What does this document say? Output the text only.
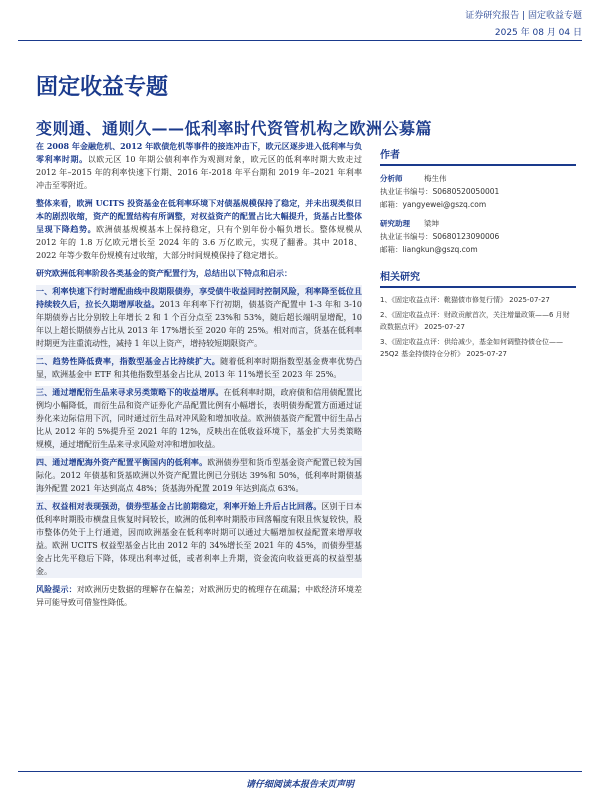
证券研究报告 | 固定收益专题
2025 年 08 月 04 日
固定收益专题
变则通、通则久——低利率时代资管机构之欧洲公募篇

在 2008 年金融危机、2012 年欧债危机等事件的接连冲击下，欧元区逐步进入低利率与负零利率时期。以欧元区 10 年期公债利率作为观测对象，欧元区的低利率时期大致走过 2012 年–2015 年的利率快速下行期、2016 年-2018 年平台期和 2019 年–2021 年利率冲击至零附近。

整体来看，欧洲 UCITS 投资基金在低利率环境下对债基规模保持了稳定，并未出现类似日本的剧烈收缩，资产的配置结构有所调整，对权益资产的配置占比大幅提升，货基占比整体呈现下降趋势。欧洲债基规模基本上保持稳定，只有个别年份小幅负增长。整体规模从 2012 年的 1.8 万亿欧元增长至 2024 年的 3.6 万亿欧元，实现了翻番。其中 2018、2022 年等少数年份规模有过收缩，大部分时间规模保持了稳定增长。

研究欧洲低利率阶段各类基金的资产配置行为，总结出以下特点和启示：

一、利率快速下行时增配曲线中段期限债券，享受债牛收益同时控制风险，利率降至低位且持续较久后，拉长久期增厚收益。2013 年利率下行初期，债基资产配置中 1-3 年和 3-10 年期债券占比分别较上年增长 2 和 1 个百分点至 23%和 53%，随后超长端明显增配，10 年以上超长期债券占比从 2013 年 17%增长至 2020 年的 25%。相对而言，货基在低利率时期更为注重流动性，减持 1 年以上资产，增持较短期限资产。

二、趋势性降低费率，指数型基金占比持续扩大。随着低利率时期指数型基金费率优势凸显，欧洲基金中 ETF 和其他指数型基金占比从 2013 年 11%增长至 2023 年 25%。

三、通过增配衍生品来寻求另类策略下的收益增厚。在低利率时期，政府债和信用债配置比例均小幅降低，而衍生品和资产证券化产品配置比例有小幅增长，表明债券配置方面通过证券化来边际信用下沉，同时通过衍生品对冲风险和增加收益。欧洲债基资产配置中衍生品占比从 2012 年的 5%提升至 2021 年的 12%，反映出在低收益环境下，基金扩大另类策略规模，通过增配衍生品来寻求风险对冲和增加收益。

四、通过增配海外资产配置平衡国内的低利率。欧洲债券型和货币型基金资产配置已较为国际化。2012 年债基和货基欧洲以外资产配置比例已分别达 39%和 50%，低利率时期债基海外配置 2021 年达到高点 48%；货基海外配置 2019 年达到高点 63%。

五、权益相对表现强劲，债券型基金占比前期稳定，利率开始上升后占比回落。区别于日本低利率时期股市横盘且恢复时间较长，欧洲的低利率时期股市回落幅度有限且恢复较快，股市整体仍处于上行通道，因而欧洲基金在低利率时期可以通过大幅增加权益配置来增厚收益。欧洲 UCITS 权益型基金占比由 2012 年的 34%增长至 2021 年的 45%，而债券型基金占比先平稳后下降，体现出利率过低，或者利率上升期，资金流向收益更高的权益型基金。

风险提示：对欧洲历史数据的理解存在偏差；对欧洲历史的梳理存在疏漏；中欧经济环境差异可能导致可借鉴性降低。

作者
分析师	梅生伟
执业证书编号：S0680520050001
邮箱：yangyewei@gszq.com
研究助理 梁坤
执业证书编号：S0680123090006
邮箱：liangkun@gszq.com
相关研究
1、《固定收益点评：靴猫债市修复行情》 2025-07-27
2、《固定收益点评：财政贡献首次，关注增量政策——6 月财政数据点评》 2025-07-27
3、《固定收益点评：供给减少，基金如何调整持债仓位——25Q2 基金持债持仓分析》 2025-07-27
请仔细阅读本报告末页声明
